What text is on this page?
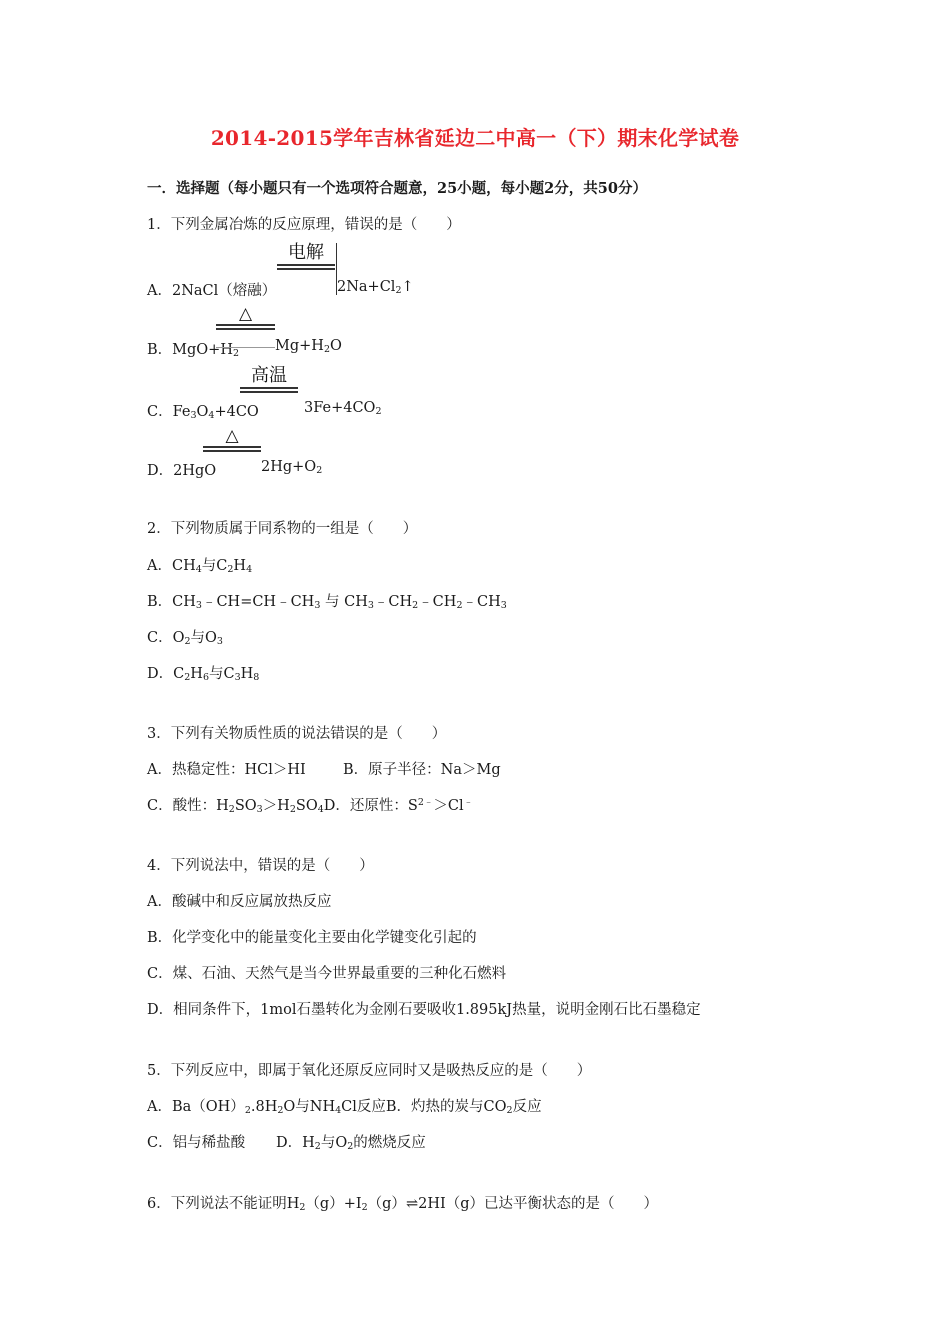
2014-2015学年吉林省延边二中高一（下）期末化学试卷
一．选择题（每小题只有一个选项符合题意，25小题，每小题2分，共50分）
1．下列金属冶炼的反应原理，错误的是（　　）
电解
A．2NaCl（熔融）	$2Na+Cl_2↑$
△
B．$MgO+H_2$ $Mg+H_2O$
高温
C．$Fe_3O_4+4CO$	$3Fe+4CO_2$
△
D．2HgO	$2Hg+O_2$
2．下列物质属于同系物的一组是（　　）
A．$CH_4$与$C_2H_4$
B．$CH_3﹣CH=CH﹣CH_3$ 与 $CH_3﹣CH_2﹣CH_2﹣CH_3$
C．$O_2$与$O_3$
D．$C_2H_6$与$C_3H_8$
3．下列有关物质性质的说法错误的是（　　）
A．热稳定性：HCl＞HI	B．原子半径：Na＞Mg
C．酸性：$H_2SO_3>H_2SO_4D$．还原性：$S^{2﹣}>Cl^﹣$
4．下列说法中，错误的是（　　）
A．酸碱中和反应属放热反应
B．化学变化中的能量变化主要由化学键变化引起的
C．煤、石油、天然气是当今世界最重要的三种化石燃料
D．相同条件下，1mol石墨转化为金刚石要吸收1.895kJ热量，说明金刚石比石墨稳定
5．下列反应中，即属于氧化还原反应同时又是吸热反应的是（　　）
A．$Ba(OH)_2.8H_2O$与$NH_4Cl$反应B．灼热的炭与$CO_2$反应
C．铝与稀盐酸 D．$H_2$与$O_2$的燃烧反应
6．下列说法不能证明$H_2(g)+I_2(g)\rightleftharpoons 2HI(g)$已达平衡状态的是（　　）
